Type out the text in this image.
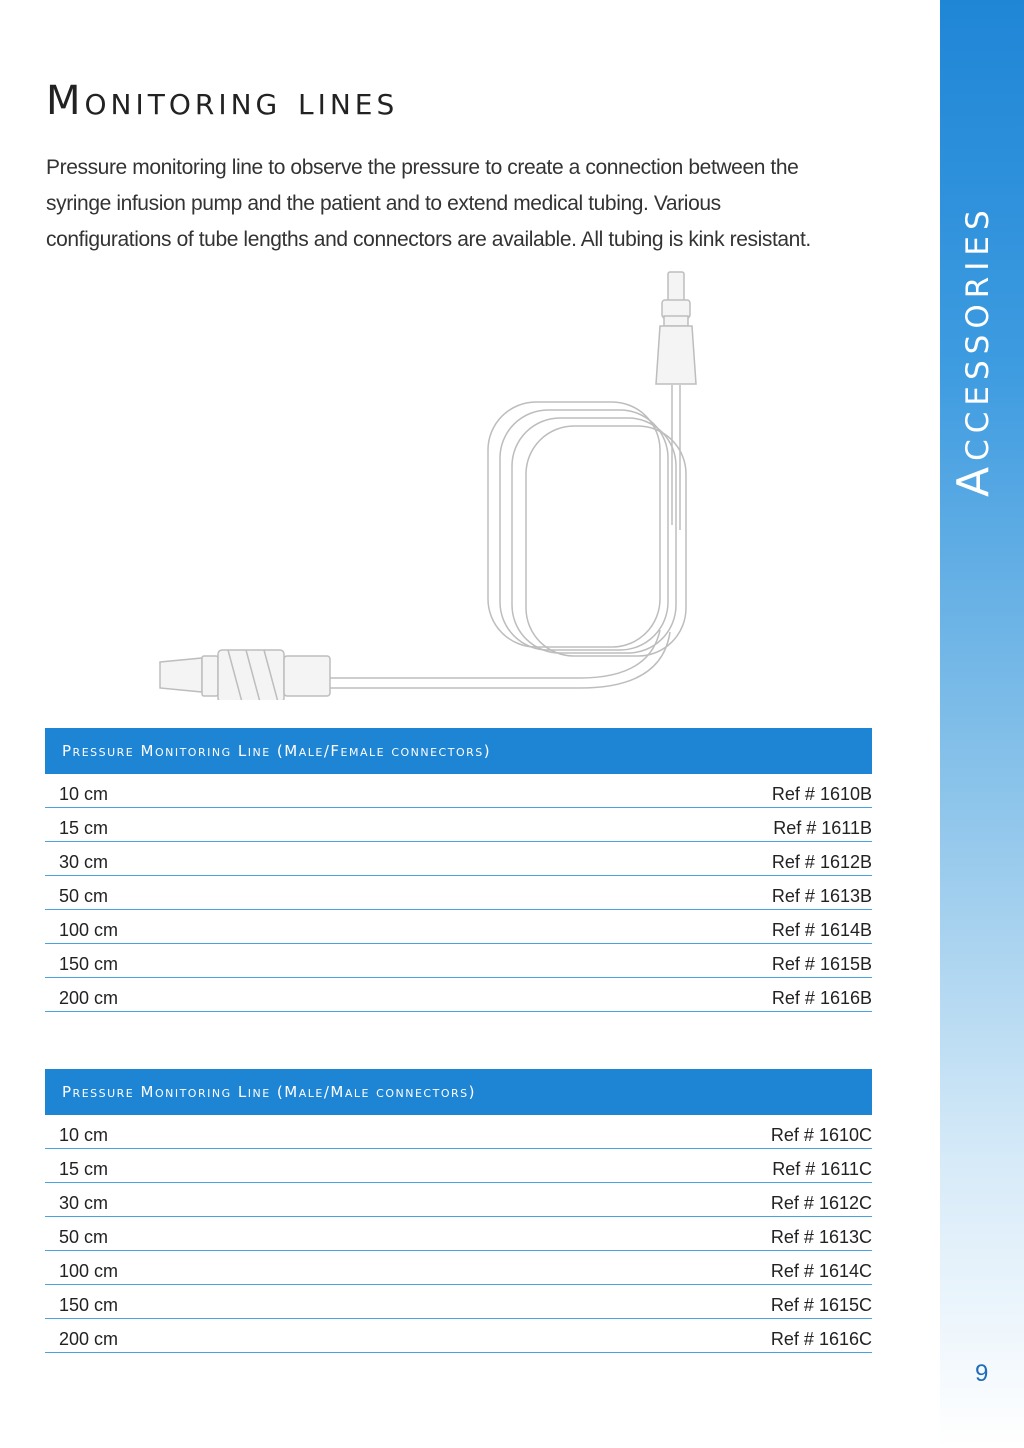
Accessories
Monitoring lines

Pressure monitoring line to observe the pressure to create a connection between the syringe infusion pump and the patient and to extend medical tubing. Various configurations of tube lengths and connectors are available. All tubing is kink resistant.

Pressure Monitoring Line (Male/Female connectors)
10 cm	Ref # 1610B
15 cm	Ref # 1611B
30 cm	Ref # 1612B
50 cm	Ref # 1613B
100 cm	Ref # 1614B
150 cm	Ref # 1615B
200 cm	Ref # 1616B
Pressure Monitoring Line (Male/Male connectors)
10 cm	Ref # 1610C
15 cm	Ref # 1611C
30 cm	Ref # 1612C
50 cm	Ref # 1613C
100 cm	Ref # 1614C
150 cm	Ref # 1615C
200 cm	Ref # 1616C
9
